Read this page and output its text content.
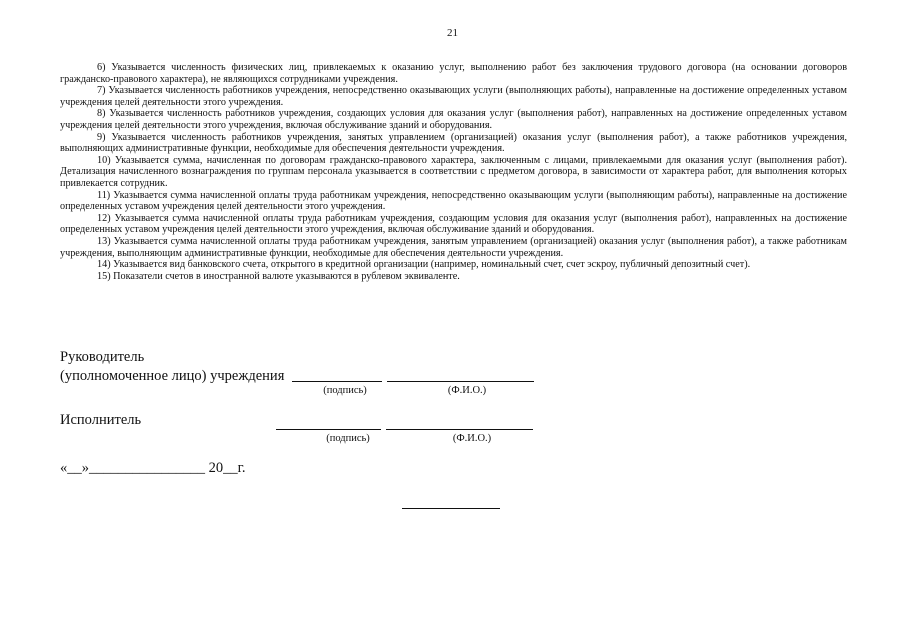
21

6) Указывается численность физических лиц, привлекаемых к оказанию услуг, выполнению работ без заключения трудового договора (на основании договоров гражданско-правового характера), не являющихся сотрудниками учреждения.

7) Указывается численность работников учреждения, непосредственно оказывающих услуги (выполняющих работы), направленные на достижение определенных уставом учреждения целей деятельности этого учреждения.

8) Указывается численность работников учреждения, создающих условия для оказания услуг (выполнения работ), направленных на достижение определенных уставом учреждения целей деятельности этого учреждения, включая обслуживание зданий и оборудования.

9) Указывается численность работников учреждения, занятых управлением (организацией) оказания услуг (выполнения работ), а также работников учреждения, выполняющих административные функции, необходимые для обеспечения деятельности учреждения.

10) Указывается сумма, начисленная по договорам гражданско-правового характера, заключенным с лицами, привлекаемыми для оказания услуг (выполнения работ). Детализация начисленного вознаграждения по группам персонала указывается в соответствии с предметом договора, в зависимости от характера работ, для выполнения которых привлекается сотрудник.

11) Указывается сумма начисленной оплаты труда работникам учреждения, непосредственно оказывающим услуги (выполняющим работы), направленные на достижение определенных уставом учреждения целей деятельности этого учреждения.

12) Указывается сумма начисленной оплаты труда работникам учреждения, создающим условия для оказания услуг (выполнения работ), направленных на достижение определенных уставом учреждения целей деятельности этого учреждения, включая обслуживание зданий и оборудования.

13) Указывается сумма начисленной оплаты труда работникам учреждения, занятым управлением (организацией) оказания услуг (выполнения работ), а также работникам учреждения, выполняющим административные функции, необходимые для обеспечения деятельности учреждения.

14) Указывается вид банковского счета, открытого в кредитной организации (например, номинальный счет, счет эскроу, публичный депозитный счет).

15) Показатели счетов в иностранной валюте указываются в рублевом эквиваленте.

Руководитель
(уполномоченное лицо) учреждения
(подпись)	(Ф.И.О.)
Исполнитель
(подпись)	(Ф.И.О.)
«__»________________ 20__г.
